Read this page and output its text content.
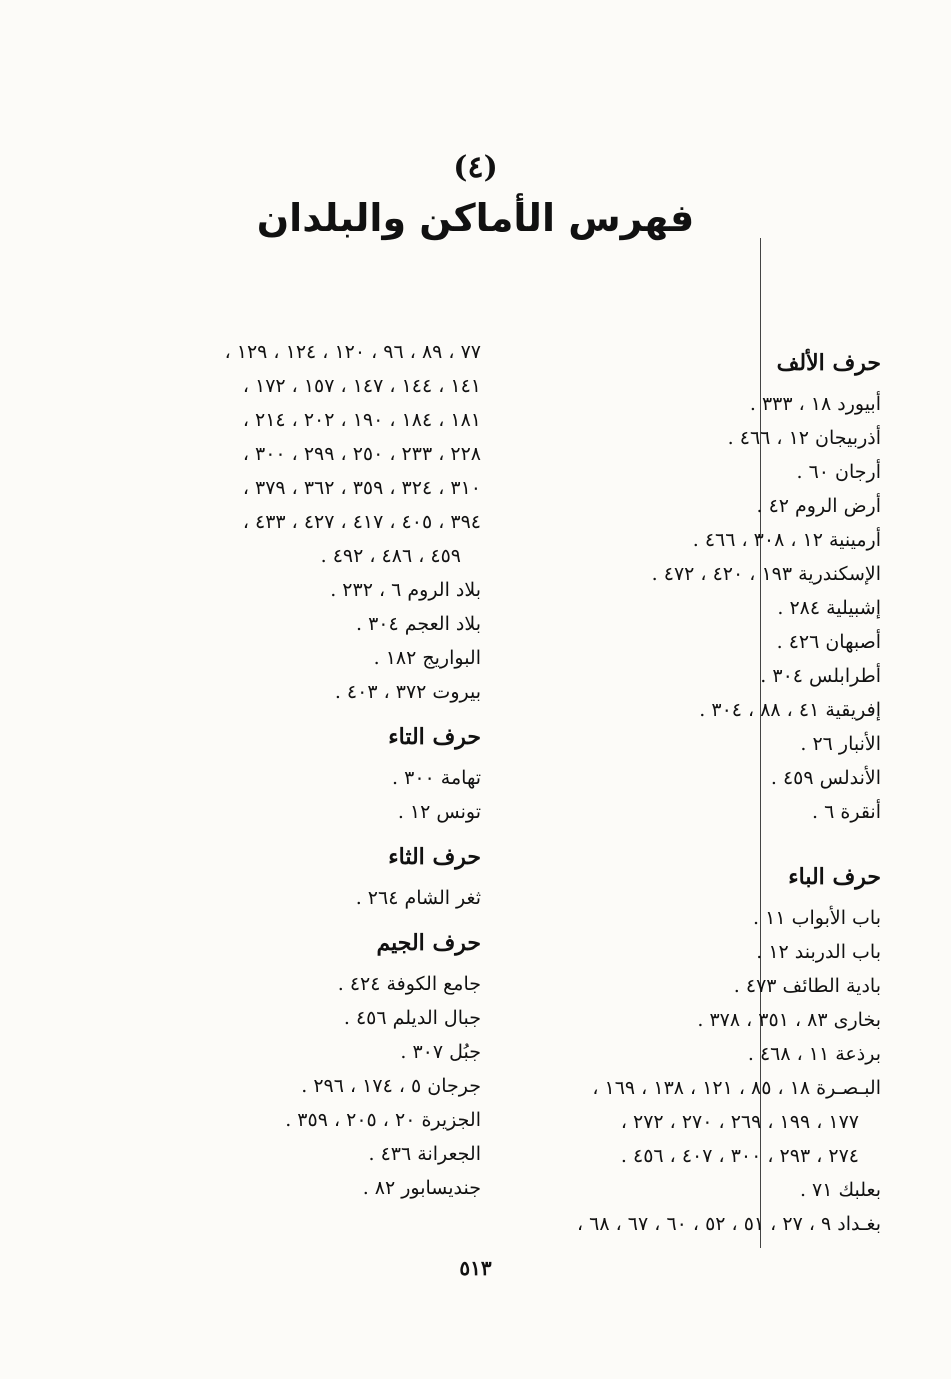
(٤)
فهرس الأماكن والبلدان
حرف الألف
أبيورد ١٨ ، ٣٣٣ .
أذربيجان ١٢ ، ٤٦٦ .
أرجان ٦٠ .
أرض الروم ٤٢ .
أرمينية ١٢ ، ٣٠٨ ، ٤٦٦ .
الإسكندرية ١٩٣ ، ٤٢٠ ، ٤٧٢ .
إشبيلية ٢٨٤ .
أصبهان ٤٢٦ .
أطرابلس ٣٠٤ .
إفريقية ٤١ ، ٨٨ ، ٣٠٤ .
الأنبار ٢٦ .
الأندلس ٤٥٩ .
أنقرة ٦ .
حرف الباء
باب الأبواب ١١ .
باب الدربند ١٢ .
بادية الطائف ٤٧٣ .
بخارى ٨٣ ، ٣٥١ ، ٣٧٨ .
برذعة ١١ ، ٤٦٨ .
البـصـرة ١٨ ، ٨٥ ، ١٢١ ، ١٣٨ ، ١٦٩ ،
١٧٧ ، ١٩٩ ، ٢٦٩ ، ٢٧٠ ، ٢٧٢ ،
٢٧٤ ، ٢٩٣ ، ٣٠٠ ، ٤٠٧ ، ٤٥٦ .
بعلبك ٧١ .
بغـداد ٩ ، ٢٧ ، ٥١ ، ٥٢ ، ٦٠ ، ٦٧ ، ٦٨ ،
٧٧ ، ٨٩ ، ٩٦ ، ١٢٠ ، ١٢٤ ، ١٢٩ ،
١٤١ ، ١٤٤ ، ١٤٧ ، ١٥٧ ، ١٧٢ ،
١٨١ ، ١٨٤ ، ١٩٠ ، ٢٠٢ ، ٢١٤ ،
٢٢٨ ، ٢٣٣ ، ٢٥٠ ، ٢٩٩ ، ٣٠٠ ،
٣١٠ ، ٣٢٤ ، ٣٥٩ ، ٣٦٢ ، ٣٧٩ ،
٣٩٤ ، ٤٠٥ ، ٤١٧ ، ٤٢٧ ، ٤٣٣ ،
٤٥٩ ، ٤٨٦ ، ٤٩٢ .
بلاد الروم ٦ ، ٢٣٢ .
بلاد العجم ٣٠٤ .
البواريج ١٨٢ .
بيروت ٣٧٢ ، ٤٠٣ .
حرف التاء
تهامة ٣٠٠ .
تونس ١٢ .
حرف الثاء
ثغر الشام ٢٦٤ .
حرف الجيم
جامع الكوفة ٤٢٤ .
جبال الديلم ٤٥٦ .
جبُل ٣٠٧ .
جرجان ٥ ، ١٧٤ ، ٢٩٦ .
الجزيرة ٢٠ ، ٢٠٥ ، ٣٥٩ .
الجعرانة ٤٣٦ .
جنديسابور ٨٢ .
٥١٣
